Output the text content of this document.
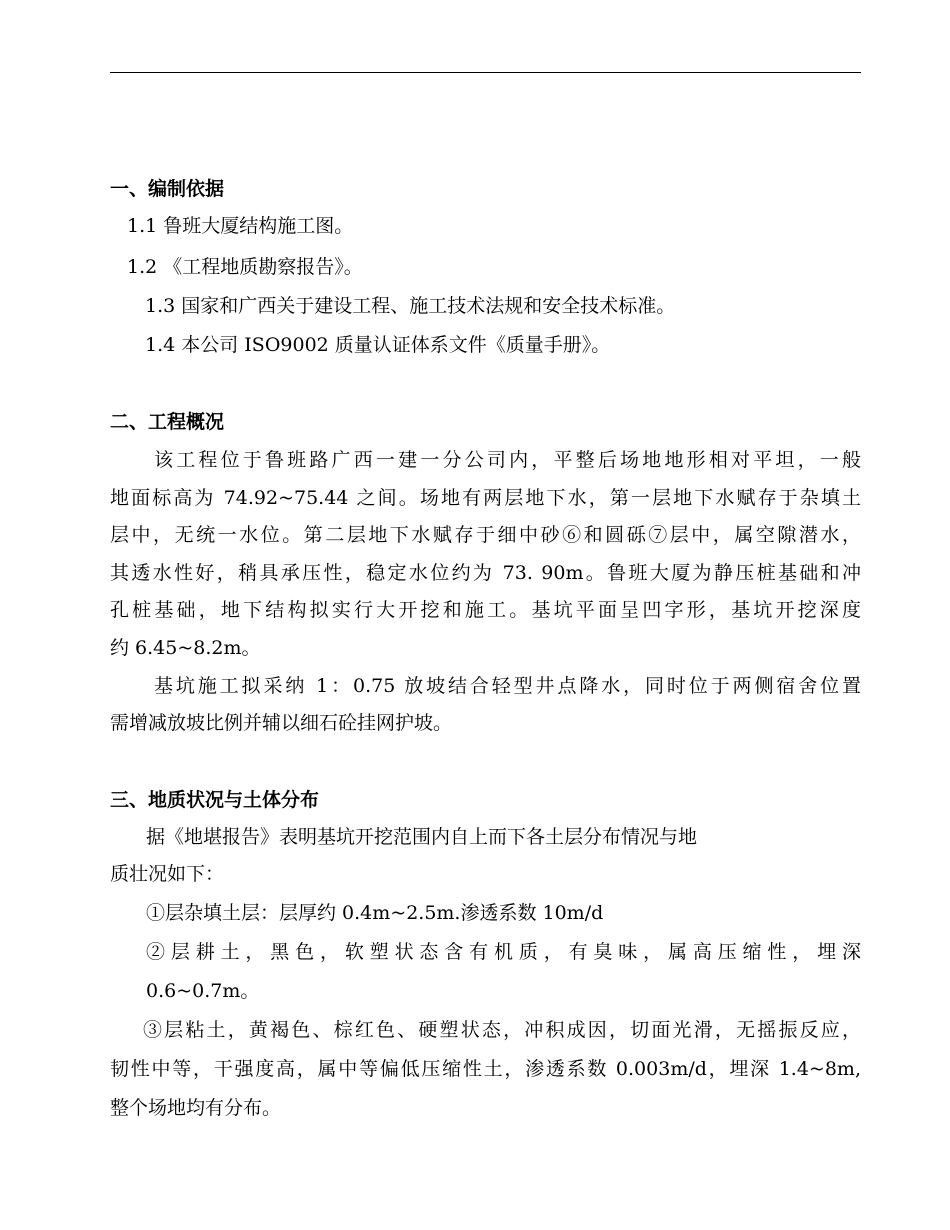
一、编制依据
1.1 鲁班大厦结构施工图。
1.2 《工程地质勘察报告》。
1.3 国家和广西关于建设工程、施工技术法规和安全技术标准。
1.4 本公司 ISO9002 质量认证体系文件《质量手册》。
二、工程概况
该工程位于鲁班路广西一建一分公司内，平整后场地地形相对平坦，一般
地面标高为 74.92~75.44 之间。场地有两层地下水，第一层地下水赋存于杂填土
层中，无统一水位。第二层地下水赋存于细中砂⑥和圆砾⑦层中，属空隙潜水，
其透水性好，稍具承压性，稳定水位约为 73. 90m。鲁班大厦为静压桩基础和冲
孔桩基础，地下结构拟实行大开挖和施工。基坑平面呈凹字形，基坑开挖深度
约 6.45~8.2m。
基坑施工拟采纳 1：0.75 放坡结合轻型井点降水，同时位于两侧宿舍位置
需增减放坡比例并辅以细石砼挂网护坡。
三、地质状况与土体分布
据《地堪报告》表明基坑开挖范围内自上而下各土层分布情况与地
质壮况如下：
①层杂填土层：层厚约 0.4m~2.5m.渗透系数 10m/d
②层耕土，黑色，软塑状态含有机质，有臭味，属高压缩性，埋深
0.6~0.7m。
③层粘土，黄褐色、棕红色、硬塑状态，冲积成因，切面光滑，无摇振反应，
韧性中等，干强度高，属中等偏低压缩性土，渗透系数 0.003m/d，埋深 1.4~8m,
整个场地均有分布。
